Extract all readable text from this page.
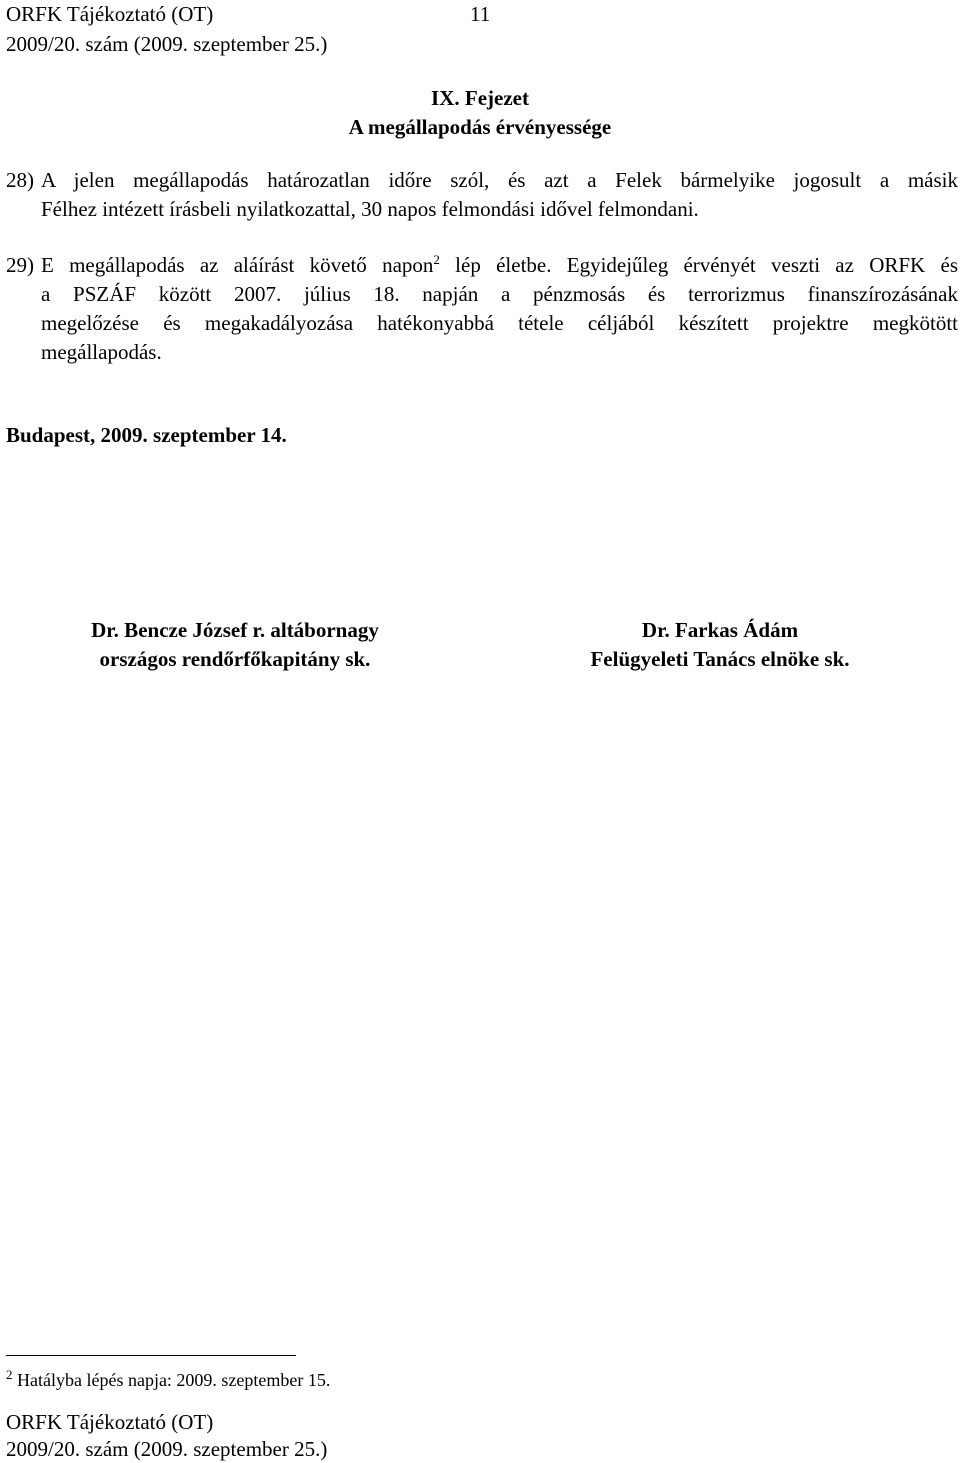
ORFK Tájékoztató (OT)
2009/20. szám (2009. szeptember 25.)
11
IX. Fejezet
A megállapodás érvényessége
28) A jelen megállapodás határozatlan időre szól, és azt a Felek bármelyike jogosult a másik
Félhez intézett írásbeli nyilatkozattal, 30 napos felmondási idővel felmondani.
29) E megállapodás az aláírást követő napon$^2$ lép életbe. Egyidejűleg érvényét veszti az ORFK és
a PSZÁF között 2007. július 18. napján a pénzmosás és terrorizmus finanszírozásának
megelőzése és megakadályozása hatékonyabbá tétele céljából készített projektre megkötött
megállapodás.
Budapest, 2009. szeptember 14.
Dr. Bencze József r. altábornagy
országos rendőrfőkapitány sk.
Dr. Farkas Ádám
Felügyeleti Tanács elnöke sk.
$^2$ Hatályba lépés napja: 2009. szeptember 15.
ORFK Tájékoztató (OT)
2009/20. szám (2009. szeptember 25.)
